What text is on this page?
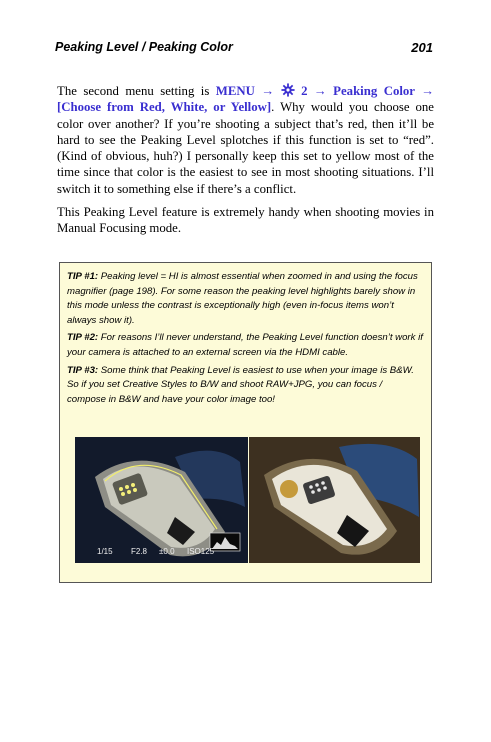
Peaking Level / Peaking Color	201

The second menu setting is MENU →  2 → Peaking Color → [Choose from Red, White, or Yellow]. Why would you choose one color over another? If you’re shooting a subject that’s red, then it’ll be hard to see the Peaking Level splotches if this function is set to “red”. (Kind of obvious, huh?) I personally keep this set to yellow most of the time since that color is the easiest to see in most shooting situations. I’ll switch it to something else if there’s a conflict.

This Peaking Level feature is extremely handy when shooting movies in Manual Focusing mode.

TIP #1: Peaking level = HI is almost essential when zoomed in and using the focus magnifier (page 198). For some reason the peaking level highlights barely show in this mode unless the contrast is exceptionally high (even in-focus items won’t always show it).

TIP #2: For reasons I’ll never understand, the Peaking Level function doesn’t work if your camera is attached to an external screen via the HDMI cable.

TIP #3: Some think that Peaking Level is easiest to use when your image is B&W. So if you set Creative Styles to B/W and shoot RAW+JPG, you can focus / compose in B&W and have your color image too!

1/15 F2.8 ±0.0 ISO125
